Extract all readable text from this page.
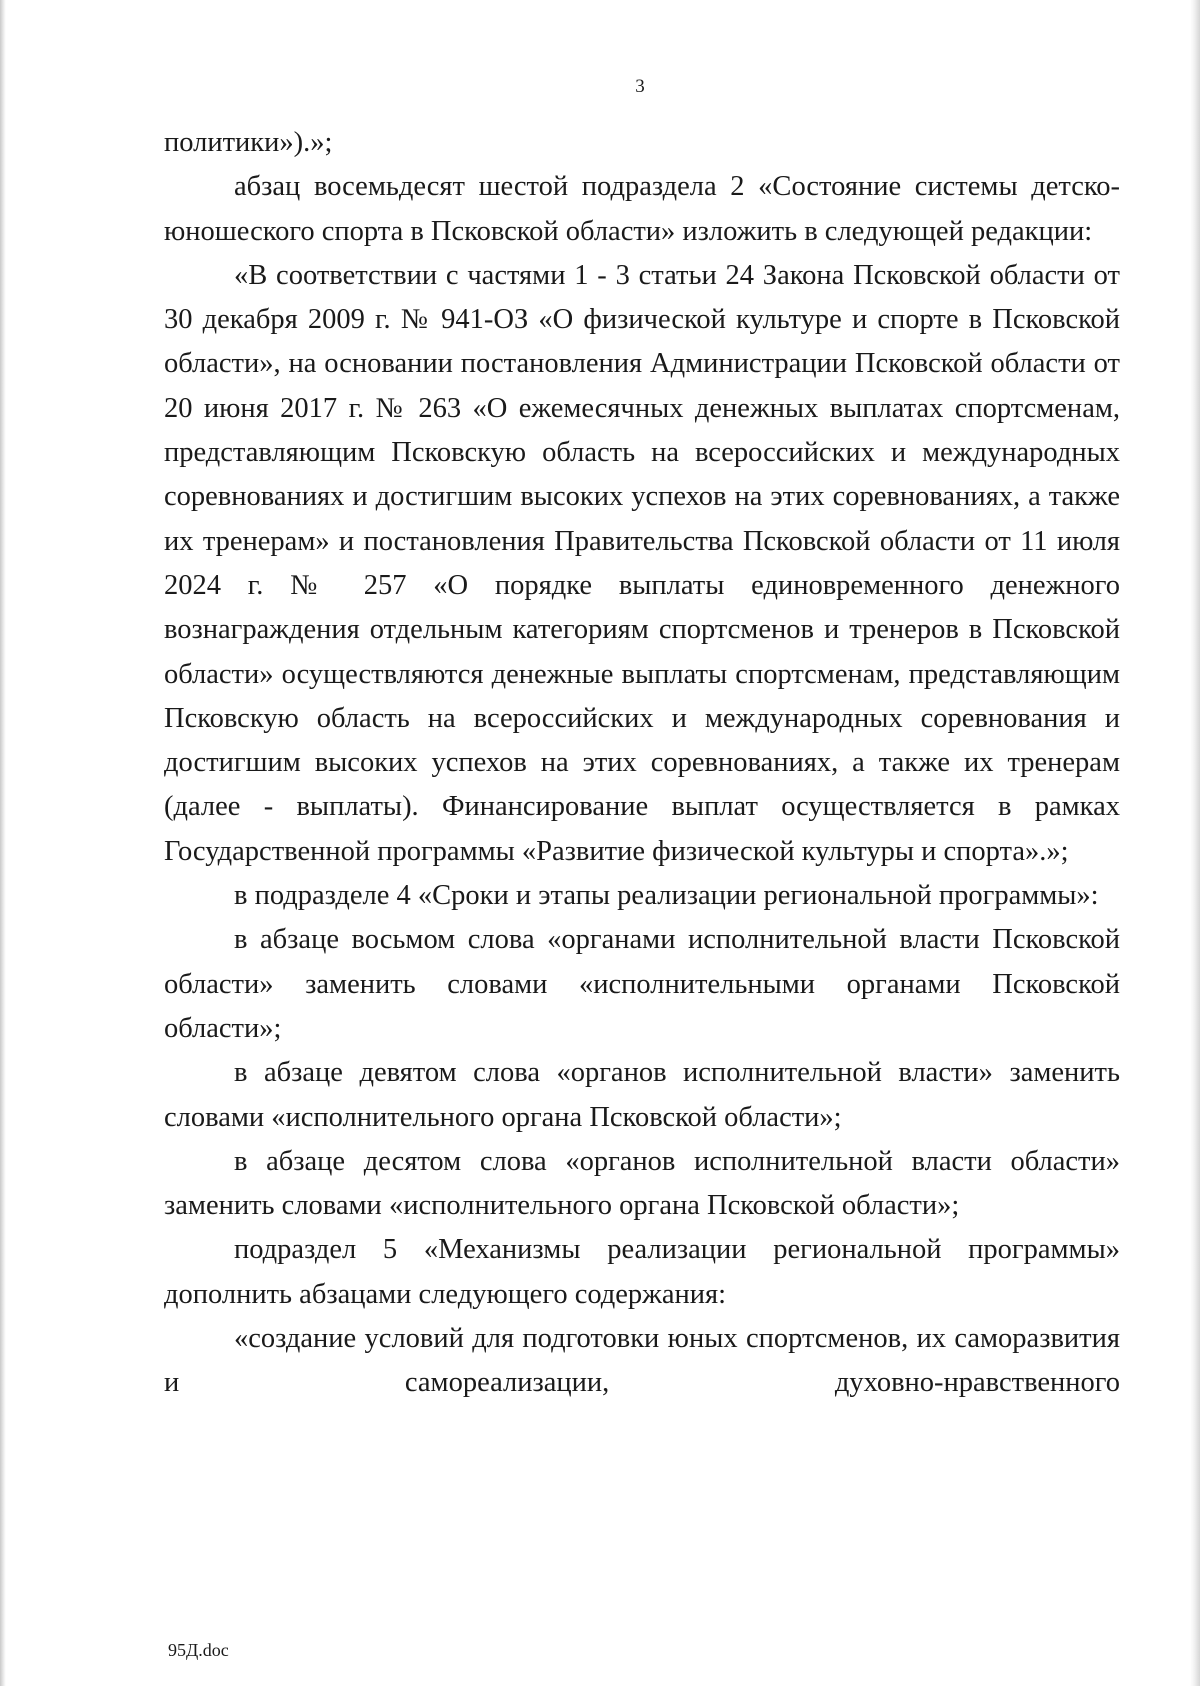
3

политики»).»;

абзац восемьдесят шестой подраздела 2 «Состояние системы детско-юношеского спорта в Псковской области» изложить в следующей редакции:

«В соответствии с частями 1 - 3 статьи 24 Закона Псковской области от 30 декабря 2009 г. № 941-ОЗ «О физической культуре и спорте в Псковской области», на основании постановления Администрации Псковской области от 20 июня 2017 г. № 263 «О ежемесячных денежных выплатах спортсменам, представляющим Псковскую область на всероссийских и международных соревнованиях и достигшим высоких успехов на этих соревнованиях, а также их тренерам» и постановления Правительства Псковской области от 11 июля 2024 г. № 257 «О порядке выплаты единовременного денежного вознаграждения отдельным категориям спортсменов и тренеров в Псковской области» осуществляются денежные выплаты спортсменам, представляющим Псковскую область на всероссийских и международных соревнования и достигшим высоких успехов на этих соревнованиях, а также их тренерам (далее - выплаты). Финансирование выплат осуществляется в рамках Государственной программы «Развитие физической культуры и спорта».»;

в подразделе 4 «Сроки и этапы реализации региональной программы»:

в абзаце восьмом слова «органами исполнительной власти Псковской области» заменить словами «исполнительными органами Псковской области»;

в абзаце девятом слова «органов исполнительной власти» заменить словами «исполнительного органа Псковской области»;

в абзаце десятом слова «органов исполнительной власти области» заменить словами «исполнительного органа Псковской области»;

подраздел 5 «Механизмы реализации региональной программы» дополнить абзацами следующего содержания:

«создание условий для подготовки юных спортсменов, их саморазвития и самореализации, духовно-нравственного

95Д.doc
